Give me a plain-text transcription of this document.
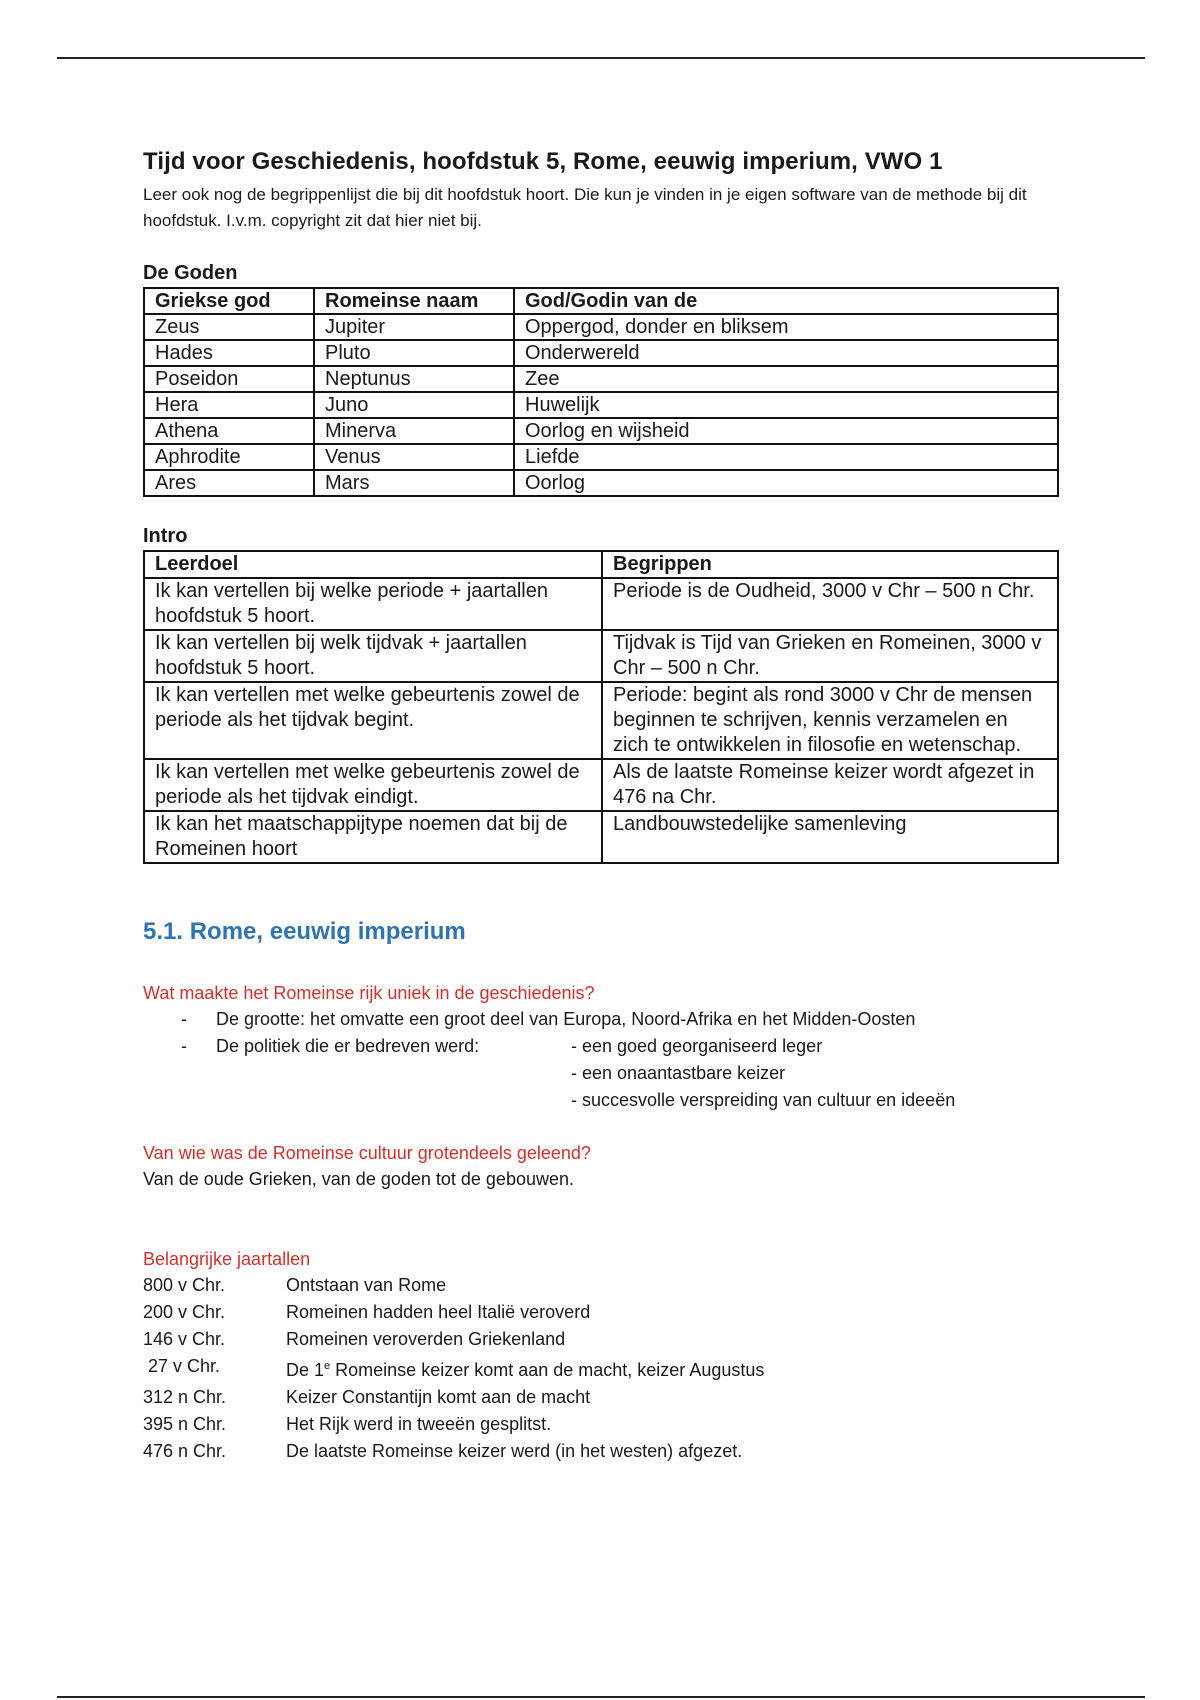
Tijd voor Geschiedenis, hoofdstuk 5, Rome, eeuwig imperium, VWO 1

Leer ook nog de begrippenlijst die bij dit hoofdstuk hoort. Die kun je vinden in je eigen software van de methode bij dit hoofdstuk. I.v.m. copyright zit dat hier niet bij.

De Goden
Griekse god	Romeinse naam	God/Godin van de
Zeus	Jupiter	Oppergod, donder en bliksem
Hades	Pluto	Onderwereld
Poseidon	Neptunus	Zee
Hera	Juno	Huwelijk
Athena	Minerva	Oorlog en wijsheid
Aphrodite	Venus	Liefde
Ares	Mars	Oorlog
Intro
Leerdoel	Begrippen
Ik kan vertellen bij welke periode + jaartallen hoofdstuk 5 hoort.	Periode is de Oudheid, 3000 v Chr – 500 n Chr.
Ik kan vertellen bij welk tijdvak + jaartallen hoofdstuk 5 hoort.	Tijdvak is Tijd van Grieken en Romeinen, 3000 v Chr – 500 n Chr.
Ik kan vertellen met welke gebeurtenis zowel de periode als het tijdvak begint.	Periode: begint als rond 3000 v Chr de mensen beginnen te schrijven, kennis verzamelen en zich te ontwikkelen in filosofie en wetenschap.
Ik kan vertellen met welke gebeurtenis zowel de periode als het tijdvak eindigt.	Als de laatste Romeinse keizer wordt afgezet in 476 na Chr.
Ik kan het maatschappijtype noemen dat bij de Romeinen hoort	Landbouwstedelijke samenleving
5.1. Rome, eeuwig imperium

Wat maakte het Romeinse rijk uniek in de geschiedenis?

- De grootte: het omvatte een groot deel van Europa, Noord-Afrika en het Midden-Oosten
- De politiek die er bedreven werd:	- een goed georganiseerd leger
- een onaantastbare keizer
- succesvolle verspreiding van cultuur en ideeën

Van wie was de Romeinse cultuur grotendeels geleend?

Van de oude Grieken, van de goden tot de gebouwen.

Belangrijke jaartallen

800 v Chr.	Ontstaan van Rome
200 v Chr.	Romeinen hadden heel Italië veroverd
146 v Chr.	Romeinen veroverden Griekenland
27 v Chr.	De 1e Romeinse keizer komt aan de macht, keizer Augustus
312 n Chr.	Keizer Constantijn komt aan de macht
395 n Chr.	Het Rijk werd in tweeën gesplitst.
476 n Chr.	De laatste Romeinse keizer werd (in het westen) afgezet.
